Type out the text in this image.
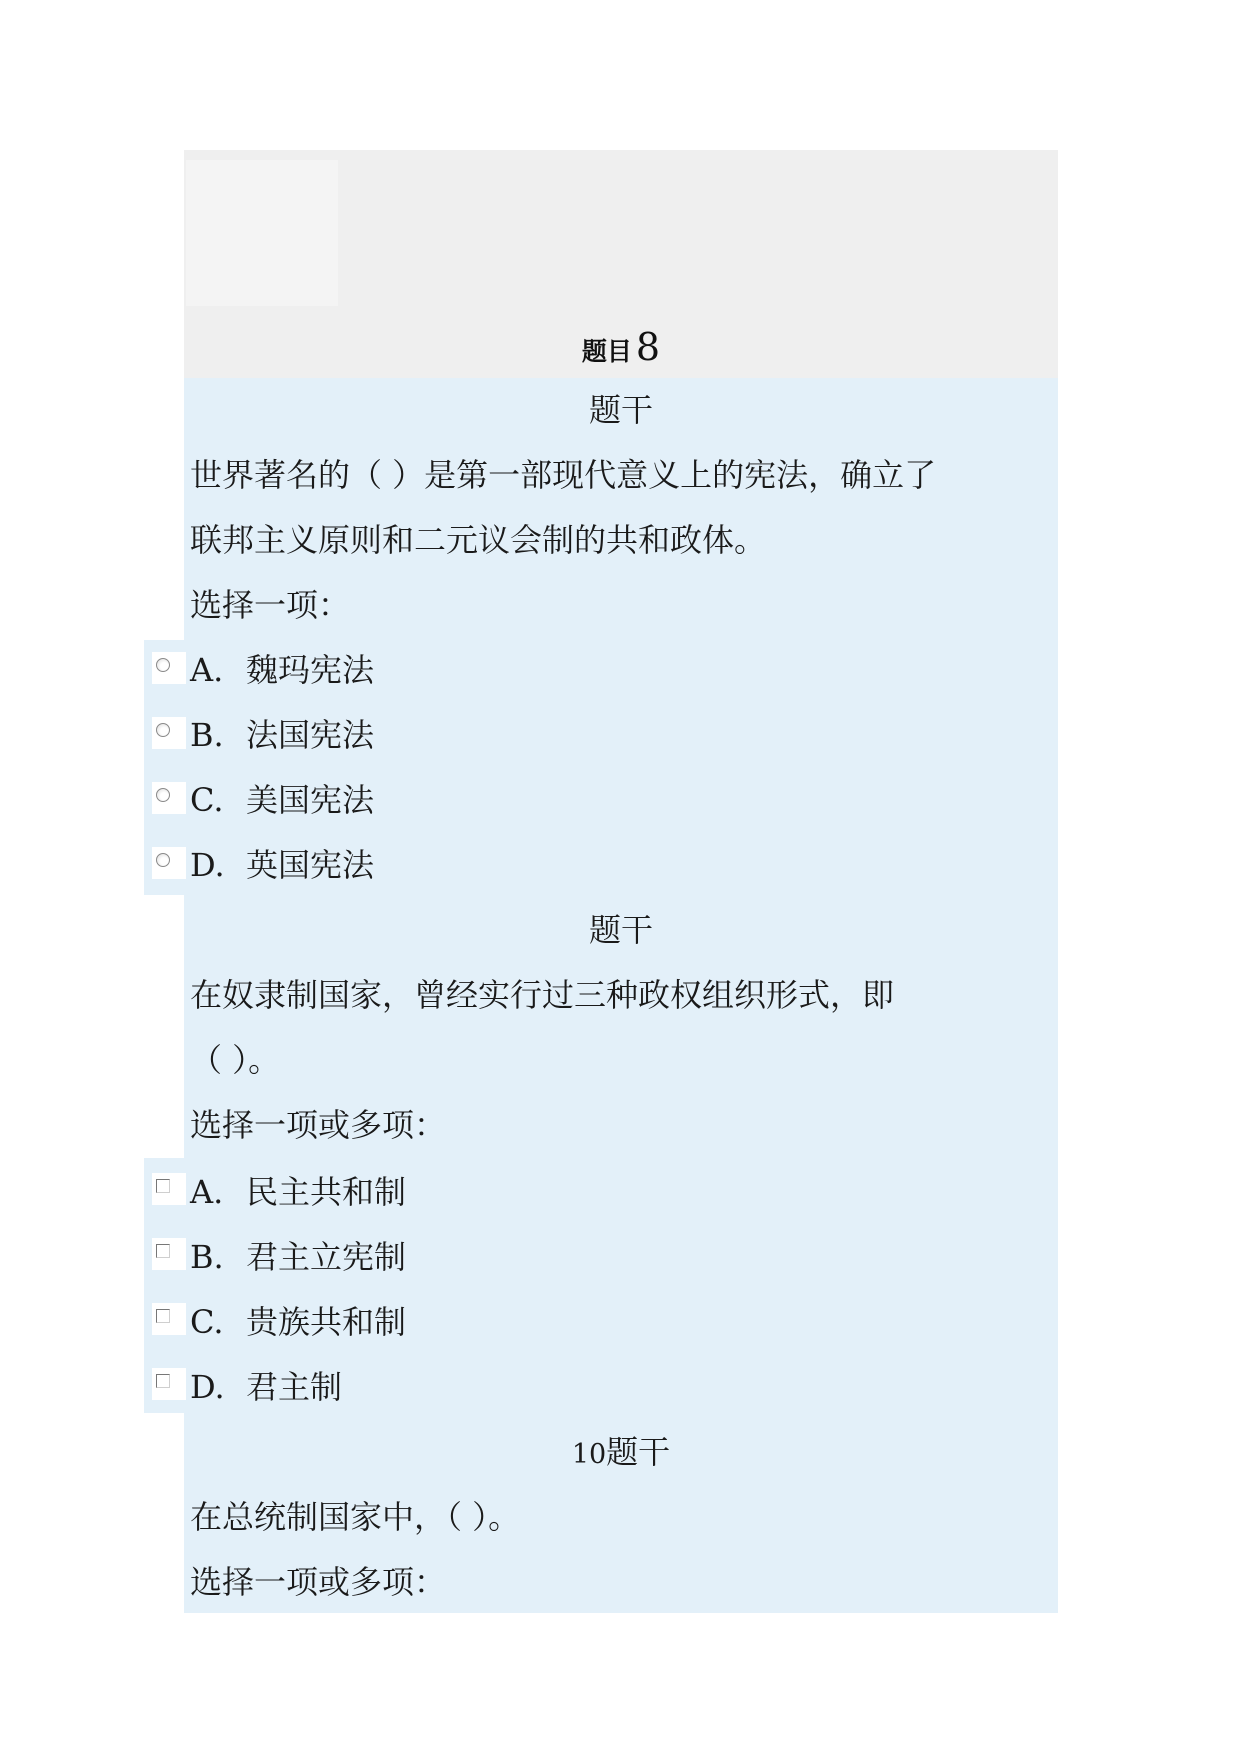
题目 8
题干
世界著名的（ ）是第一部现代意义上的宪法，确立了
联邦主义原则和二元议会制的共和政体。
选择一项：
A. 魏玛宪法
B. 法国宪法
C. 美国宪法
D. 英国宪法
题干
在奴隶制国家，曾经实行过三种政权组织形式，即
（ ）。
选择一项或多项：
A. 民主共和制
B. 君主立宪制
C. 贵族共和制
D. 君主制
10题干
在总统制国家中，（ ）。
选择一项或多项：
